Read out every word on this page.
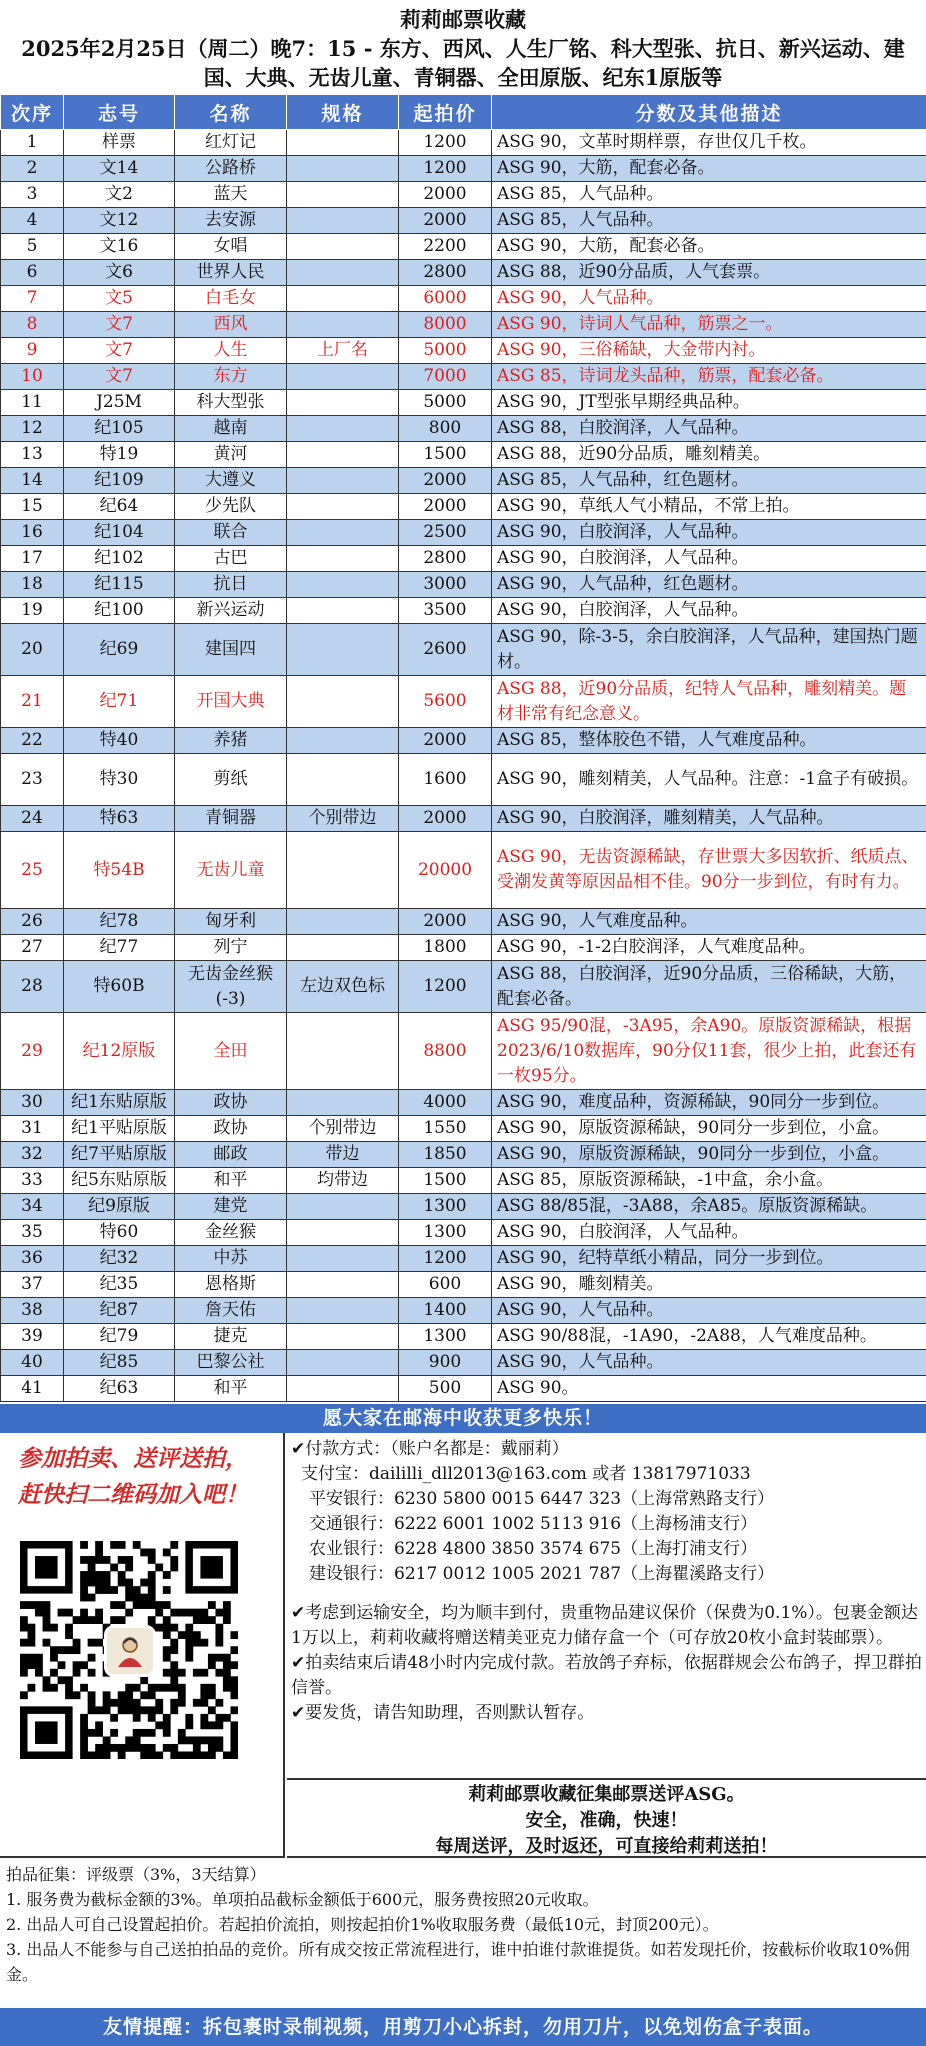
莉莉邮票收藏
2025年2月25日（周二）晚7：15 - 东方、西风、人生厂铭、科大型张、抗日、新兴运动、建
国、大典、无齿儿童、青铜器、全田原版、纪东1原版等
次序	志号	名称	规格	起拍价	分数及其他描述
1	样票	红灯记		1200	ASG 90，文革时期样票，存世仅几千枚。
2	文14	公路桥		1200	ASG 90，大筋，配套必备。
3	文2	蓝天		2000	ASG 85，人气品种。
4	文12	去安源		2000	ASG 85，人气品种。
5	文16	女唱		2200	ASG 90，大筋，配套必备。
6	文6	世界人民		2800	ASG 88，近90分品质，人气套票。
7	文5	白毛女		6000	ASG 90，人气品种。
8	文7	西风		8000	ASG 90，诗词人气品种，筋票之一。
9	文7	人生	上厂名	5000	ASG 90，三俗稀缺，大金带内衬。
10	文7	东方		7000	ASG 85，诗词龙头品种，筋票，配套必备。
11	J25M	科大型张		5000	ASG 90，JT型张早期经典品种。
12	纪105	越南		800	ASG 88，白胶润泽，人气品种。
13	特19	黄河		1500	ASG 88，近90分品质，雕刻精美。
14	纪109	大遵义		2000	ASG 85，人气品种，红色题材。
15	纪64	少先队		2000	ASG 90，草纸人气小精品，不常上拍。
16	纪104	联合		2500	ASG 90，白胶润泽，人气品种。
17	纪102	古巴		2800	ASG 90，白胶润泽，人气品种。
18	纪115	抗日		3000	ASG 90，人气品种，红色题材。
19	纪100	新兴运动		3500	ASG 90，白胶润泽，人气品种。
20	纪69	建国四		2600	ASG 90，除-3-5，余白胶润泽，人气品种，建国热门题材。
21	纪71	开国大典		5600	ASG 88，近90分品质，纪特人气品种，雕刻精美。题材非常有纪念意义。
22	特40	养猪		2000	ASG 85，整体胶色不错，人气难度品种。
23	特30	剪纸		1600	ASG 90，雕刻精美，人气品种。注意：-1盒子有破损。
24	特63	青铜器	个别带边	2000	ASG 90，白胶润泽，雕刻精美，人气品种。
25	特54B	无齿儿童		20000	ASG 90，无齿资源稀缺，存世票大多因软折、纸质点、受潮发黄等原因品相不佳。90分一步到位，有时有力。
26	纪78	匈牙利		2000	ASG 90，人气难度品种。
27	纪77	列宁		1800	ASG 90，-1-2白胶润泽，人气难度品种。
28	特60B	无齿金丝猴(-3)	左边双色标	1200	ASG 88，白胶润泽，近90分品质，三俗稀缺，大筋，配套必备。
29	纪12原版	全田		8800	ASG 95/90混，-3A95，余A90。原版资源稀缺，根据2023/6/10数据库，90分仅11套，很少上拍，此套还有一枚95分。
30	纪1东贴原版	政协		4000	ASG 90，难度品种，资源稀缺，90同分一步到位。
31	纪1平贴原版	政协	个别带边	1550	ASG 90，原版资源稀缺，90同分一步到位，小盒。
32	纪7平贴原版	邮政	带边	1850	ASG 90，原版资源稀缺，90同分一步到位，小盒。
33	纪5东贴原版	和平	均带边	1500	ASG 85，原版资源稀缺，-1中盒，余小盒。
34	纪9原版	建党		1300	ASG 88/85混，-3A88，余A85。原版资源稀缺。
35	特60	金丝猴		1300	ASG 90，白胶润泽，人气品种。
36	纪32	中苏		1200	ASG 90，纪特草纸小精品，同分一步到位。
37	纪35	恩格斯		600	ASG 90，雕刻精美。
38	纪87	詹天佑		1400	ASG 90，人气品种。
39	纪79	捷克		1300	ASG 90/88混，-1A90，-2A88，人气难度品种。
40	纪85	巴黎公社		900	ASG 90，人气品种。
41	纪63	和平		500	ASG 90。
愿大家在邮海中收获更多快乐！
参加拍卖、送评送拍，
赶快扫二维码加入吧！

✔付款方式：（账户名都是：戴丽莉）

支付宝：daililli_dll2013@163.com 或者 13817971033

平安银行：6230 5800 0015 6447 323（上海常熟路支行）

交通银行：6222 6001 1002 5113 916（上海杨浦支行）

农业银行：6228 4800 3850 3574 675（上海打浦支行）

建设银行：6217 0012 1005 2021 787（上海瞿溪路支行）

✔考虑到运输安全，均为顺丰到付，贵重物品建议保价（保费为0.1%）。包裹金额达1万以上，莉莉收藏将赠送精美亚克力储存盒一个（可存放20枚小盒封装邮票）。

✔拍卖结束后请48小时内完成付款。若放鸽子弃标，依据群规会公布鸽子，捍卫群拍信誉。

✔要发货，请告知助理，否则默认暂存。

莉莉邮票收藏征集邮票送评ASG。
安全，准确，快速！
每周送评，及时返还，可直接给莉莉送拍！
拍品征集：评级票（3%，3天结算）
1. 服务费为截标金额的3%。单项拍品截标金额低于600元，服务费按照20元收取。
2. 出品人可自己设置起拍价。若起拍价流拍，则按起拍价1%收取服务费（最低10元，封顶200元）。
3. 出品人不能参与自己送拍拍品的竞价。所有成交按正常流程进行，谁中拍谁付款谁提货。如若发现托价，按截标价收取10%佣金。
友情提醒：拆包裹时录制视频，用剪刀小心拆封，勿用刀片，以免划伤盒子表面。
